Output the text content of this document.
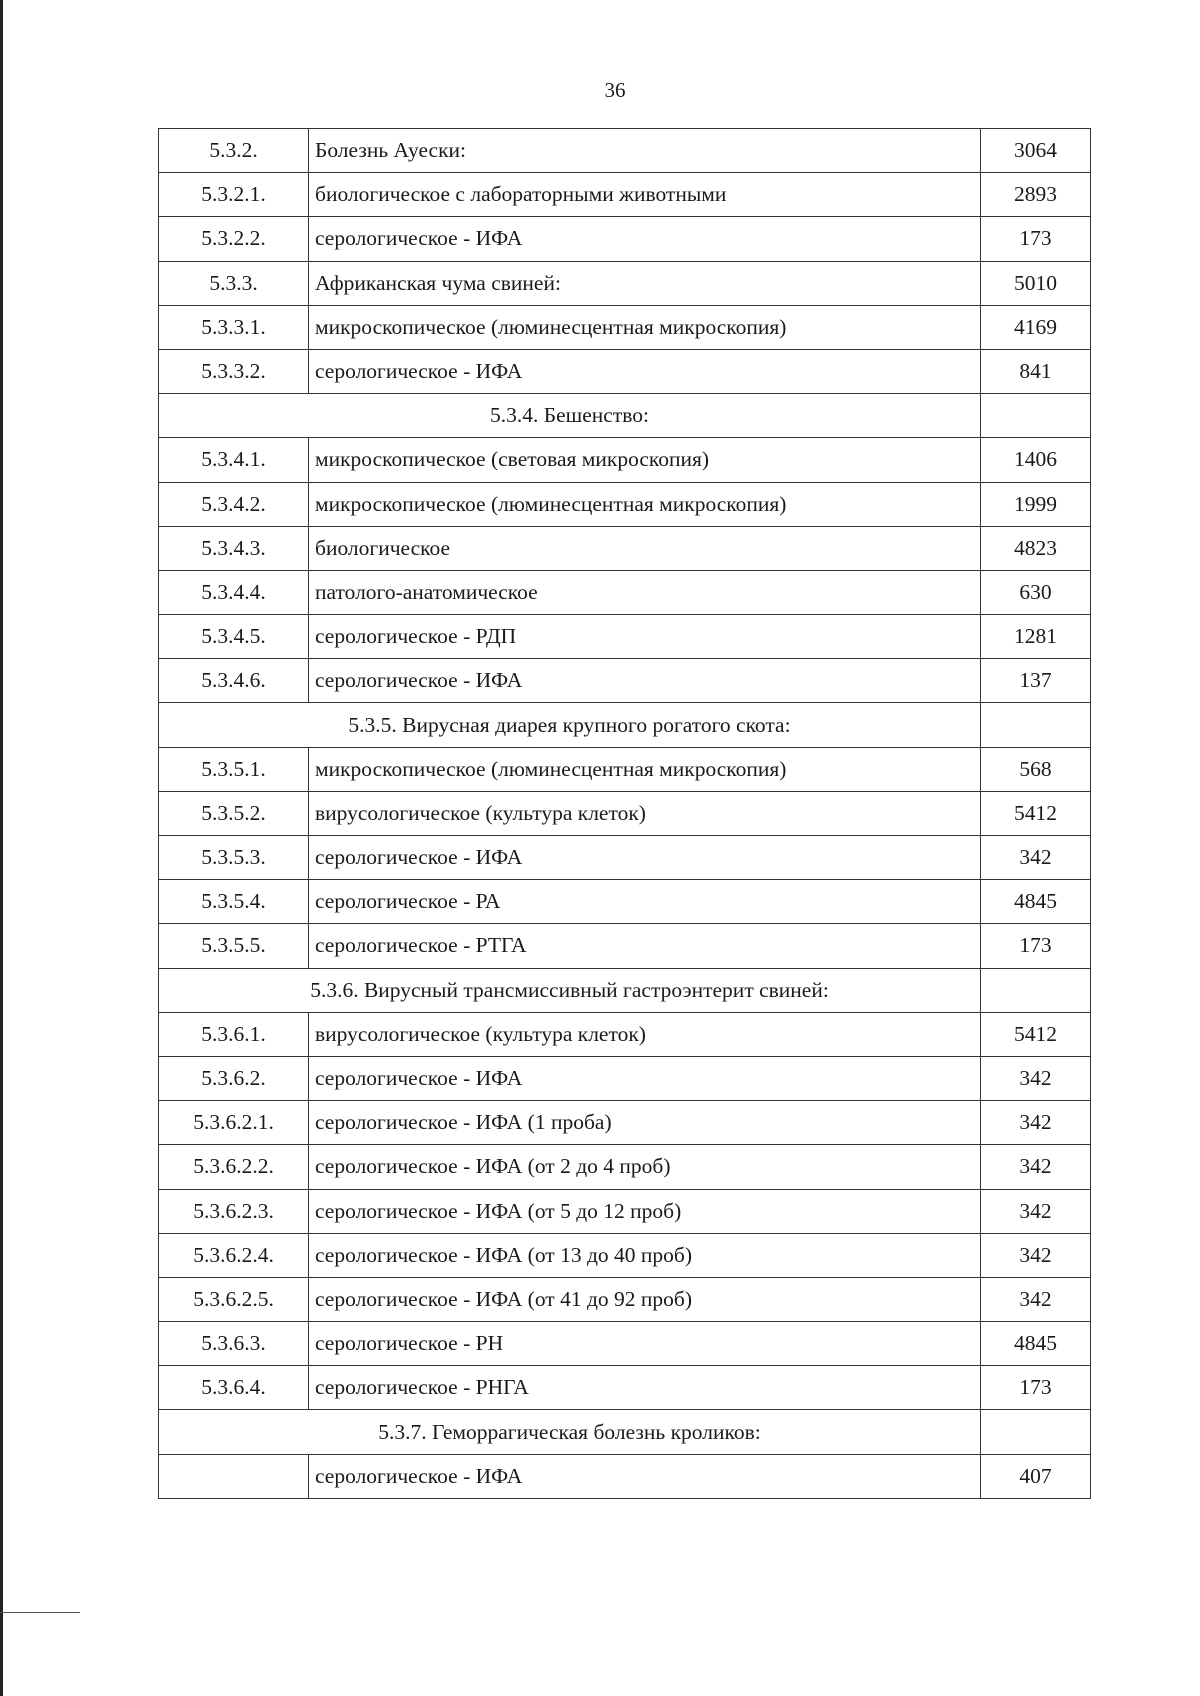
36
5.3.2.	Болезнь Ауески:	3064
5.3.2.1.	биологическое с лабораторными животными	2893
5.3.2.2.	серологическое - ИФА	173
5.3.3.	Африканская чума свиней:	5010
5.3.3.1.	микроскопическое (люминесцентная микроскопия)	4169
5.3.3.2.	серологическое - ИФА	841
5.3.4. Бешенство:		
5.3.4.1.	микроскопическое (световая микроскопия)	1406
5.3.4.2.	микроскопическое (люминесцентная микроскопия)	1999
5.3.4.3.	биологическое	4823
5.3.4.4.	патолого-анатомическое	630
5.3.4.5.	серологическое - РДП	1281
5.3.4.6.	серологическое - ИФА	137
5.3.5. Вирусная диарея крупного рогатого скота:		
5.3.5.1.	микроскопическое (люминесцентная микроскопия)	568
5.3.5.2.	вирусологическое (культура клеток)	5412
5.3.5.3.	серологическое - ИФА	342
5.3.5.4.	серологическое - РА	4845
5.3.5.5.	серологическое - РТГА	173
5.3.6. Вирусный трансмиссивный гастроэнтерит свиней:		
5.3.6.1.	вирусологическое (культура клеток)	5412
5.3.6.2.	серологическое - ИФА	342
5.3.6.2.1.	серологическое - ИФА (1 проба)	342
5.3.6.2.2.	серологическое - ИФА (от 2 до 4 проб)	342
5.3.6.2.3.	серологическое - ИФА (от 5 до 12 проб)	342
5.3.6.2.4.	серологическое - ИФА (от 13 до 40 проб)	342
5.3.6.2.5.	серологическое - ИФА (от 41 до 92 проб)	342
5.3.6.3.	серологическое - РН	4845
5.3.6.4.	серологическое - РНГА	173
5.3.7. Геморрагическая болезнь кроликов:		
	серологическое - ИФА	407
